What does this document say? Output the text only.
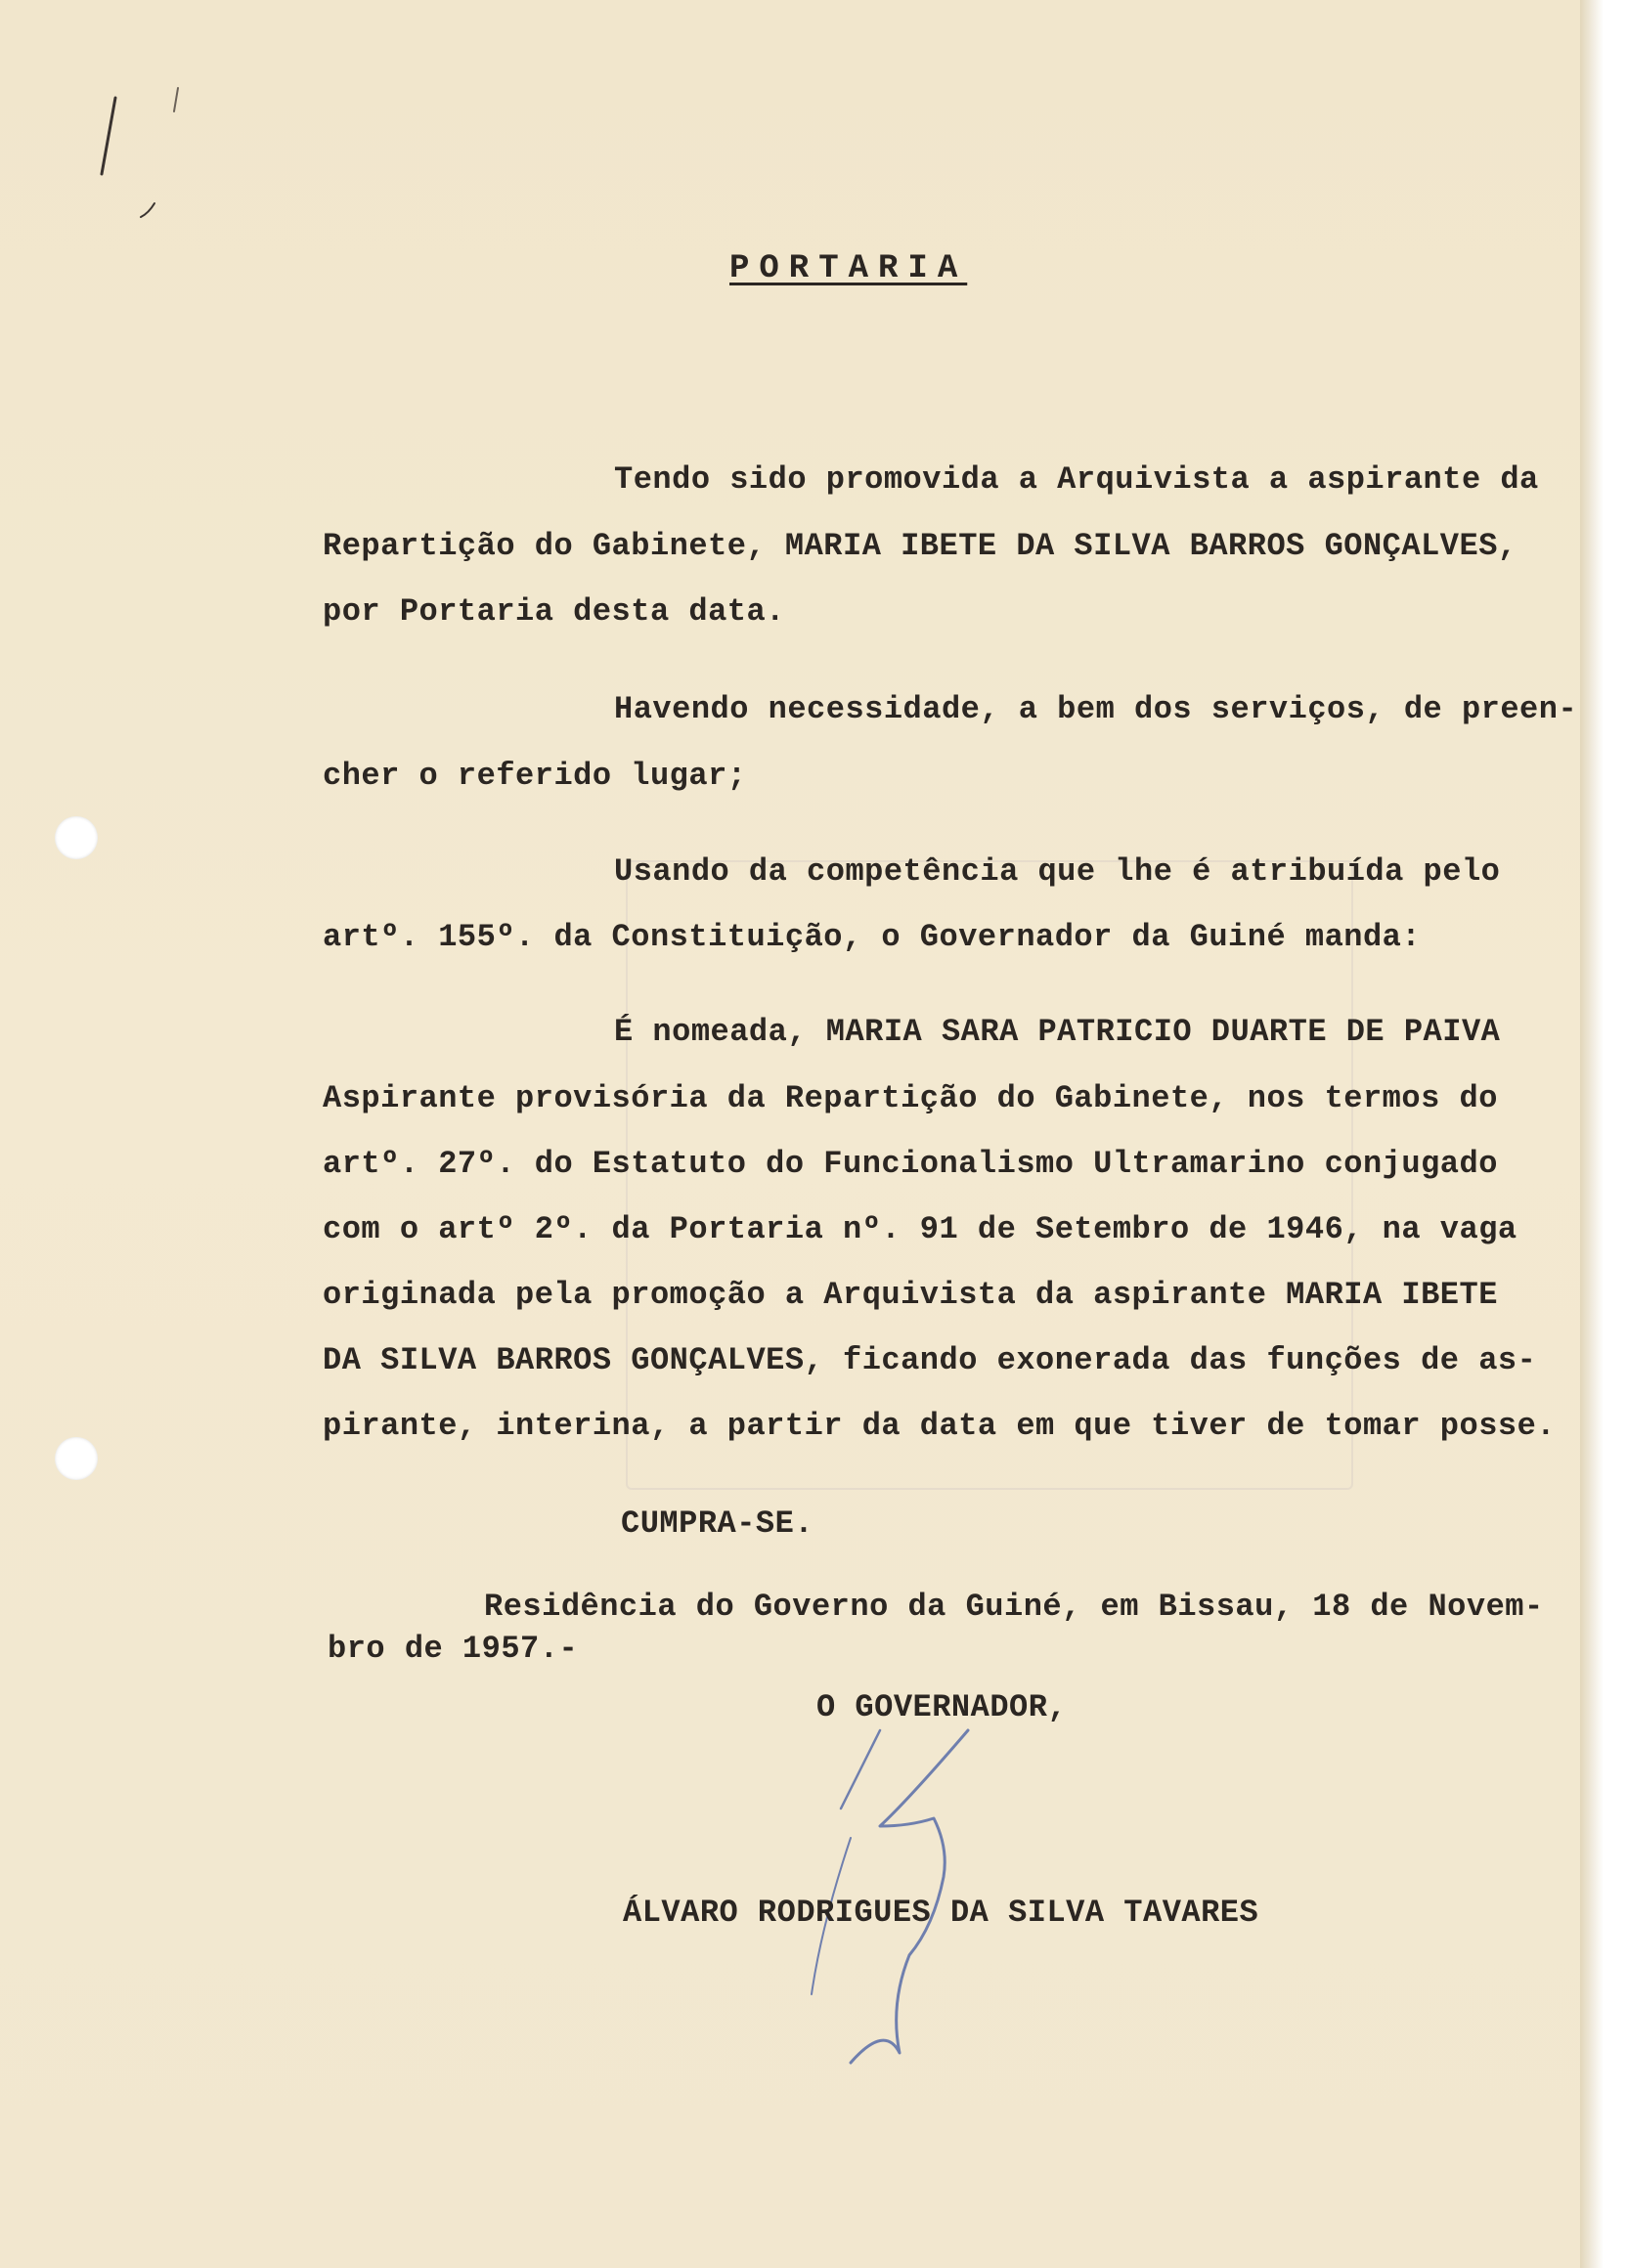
PORTARIA
Tendo sido promovida a Arquivista a aspirante da
Repartição do Gabinete, MARIA IBETE DA SILVA BARROS GONÇALVES,
por Portaria desta data.
Havendo necessidade, a bem dos serviços, de preen-
cher o referido lugar;
Usando da competência que lhe é atribuída pelo
artº. 155º. da Constituição, o Governador da Guiné manda:
É nomeada, MARIA SARA PATRICIO DUARTE DE PAIVA
Aspirante provisória da Repartição do Gabinete, nos termos do
artº. 27º. do Estatuto do Funcionalismo Ultramarino conjugado
com o artº 2º. da Portaria nº. 91 de Setembro de 1946, na vaga
originada pela promoção a Arquivista da aspirante MARIA IBETE
DA SILVA BARROS GONÇALVES, ficando exonerada das funções de as-
pirante, interina, a partir da data em que tiver de tomar posse.
CUMPRA-SE.
Residência do Governo da Guiné, em Bissau, 18 de Novem-
bro de 1957.-
O GOVERNADOR,
ÁLVARO RODRIGUES DA SILVA TAVARES
